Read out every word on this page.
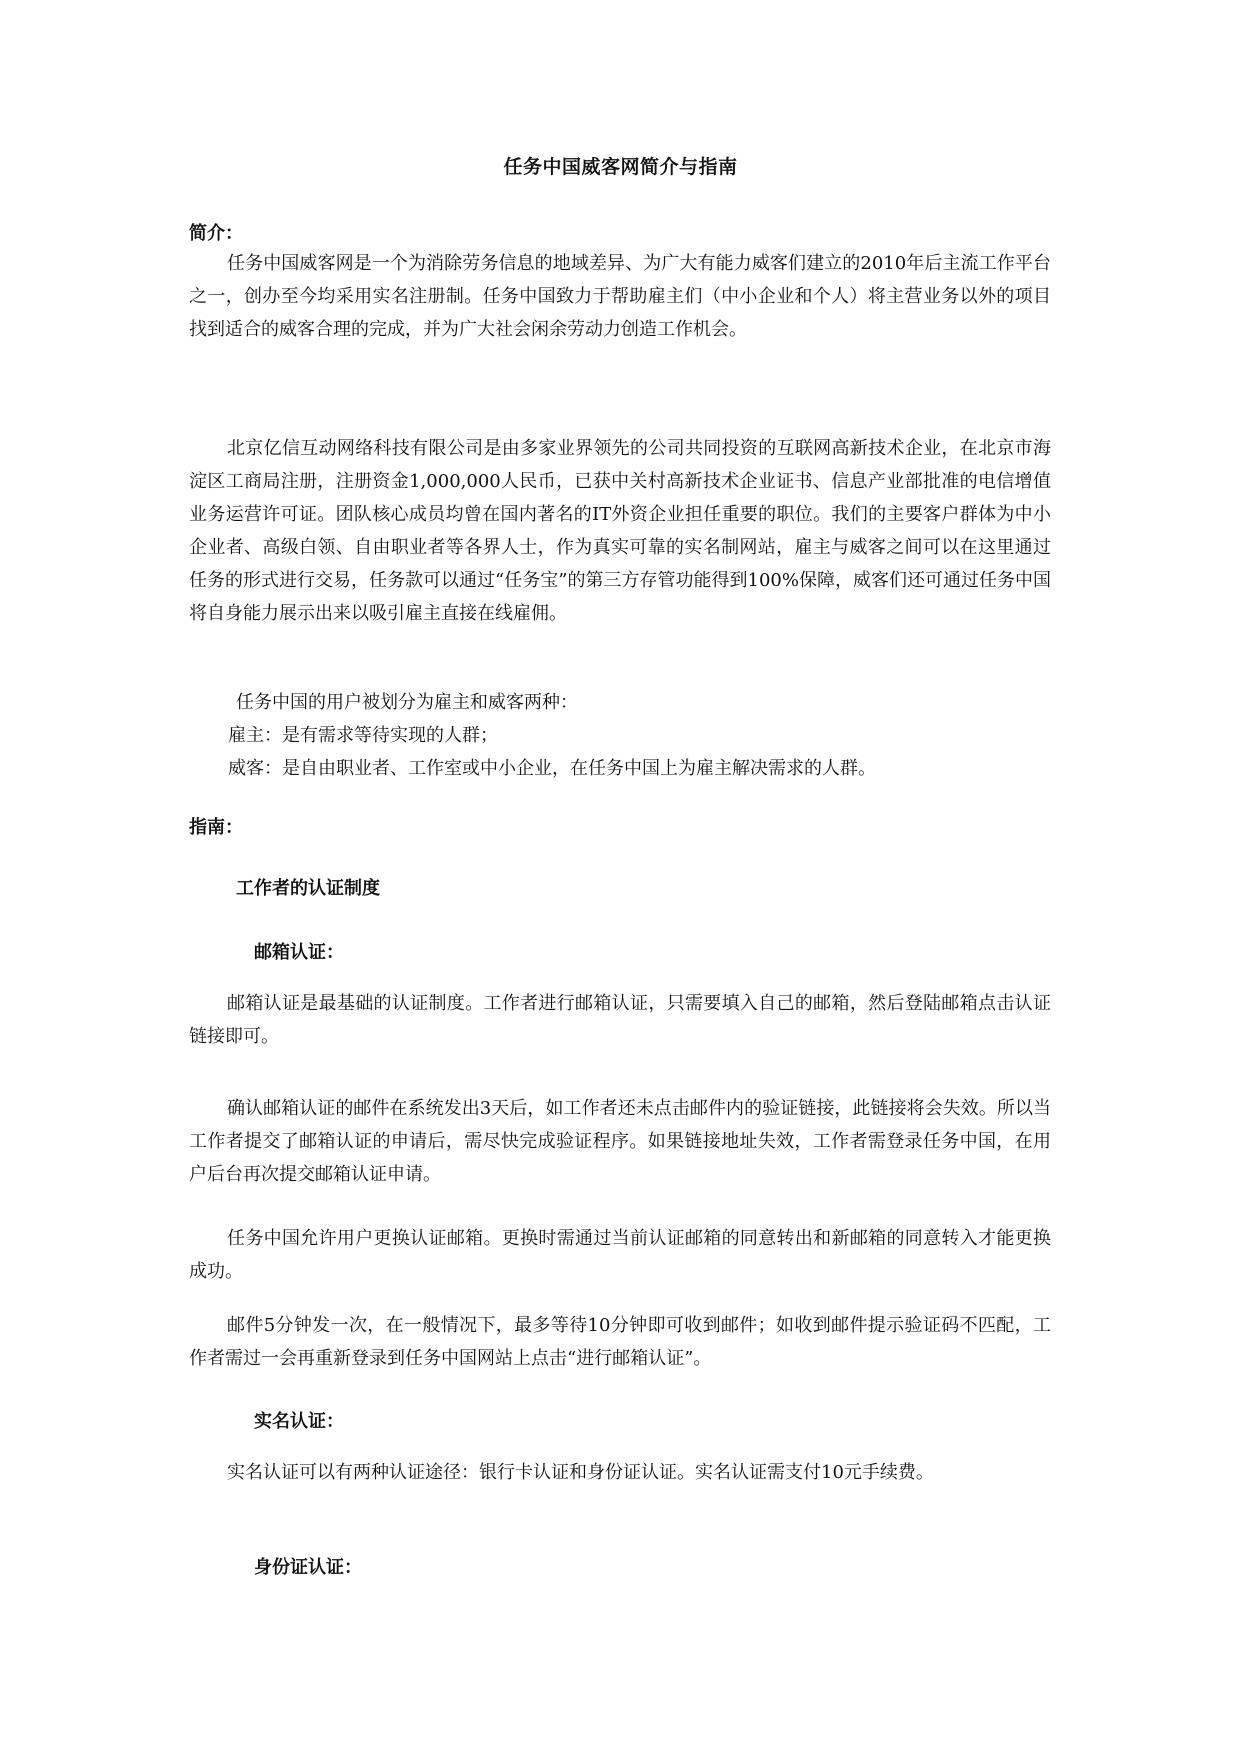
任务中国威客网简介与指南
简介：

任务中国威客网是一个为消除劳务信息的地域差异、为广大有能力威客们建立的2010年后主流工作平台之一，创办至今均采用实名注册制。任务中国致力于帮助雇主们（中小企业和个人）将主营业务以外的项目找到适合的威客合理的完成，并为广大社会闲余劳动力创造工作机会。

北京亿信互动网络科技有限公司是由多家业界领先的公司共同投资的互联网高新技术企业，在北京市海淀区工商局注册，注册资金1,000,000人民币，已获中关村高新技术企业证书、信息产业部批准的电信增值业务运营许可证。团队核心成员均曾在国内著名的IT外资企业担任重要的职位。我们的主要客户群体为中小企业者、高级白领、自由职业者等各界人士，作为真实可靠的实名制网站，雇主与威客之间可以在这里通过任务的形式进行交易，任务款可以通过“任务宝”的第三方存管功能得到100%保障，威客们还可通过任务中国将自身能力展示出来以吸引雇主直接在线雇佣。

任务中国的用户被划分为雇主和威客两种：
雇主：是有需求等待实现的人群；
威客：是自由职业者、工作室或中小企业，在任务中国上为雇主解决需求的人群。
指南：
工作者的认证制度
邮箱认证：

邮箱认证是最基础的认证制度。工作者进行邮箱认证，只需要填入自己的邮箱，然后登陆邮箱点击认证链接即可。

确认邮箱认证的邮件在系统发出3天后，如工作者还未点击邮件内的验证链接，此链接将会失效。所以当工作者提交了邮箱认证的申请后，需尽快完成验证程序。如果链接地址失效，工作者需登录任务中国，在用户后台再次提交邮箱认证申请。

任务中国允许用户更换认证邮箱。更换时需通过当前认证邮箱的同意转出和新邮箱的同意转入才能更换成功。

邮件5分钟发一次，在一般情况下，最多等待10分钟即可收到邮件；如收到邮件提示验证码不匹配，工作者需过一会再重新登录到任务中国网站上点击“进行邮箱认证”。

实名认证：

实名认证可以有两种认证途径：银行卡认证和身份证认证。实名认证需支付10元手续费。

身份证认证：
